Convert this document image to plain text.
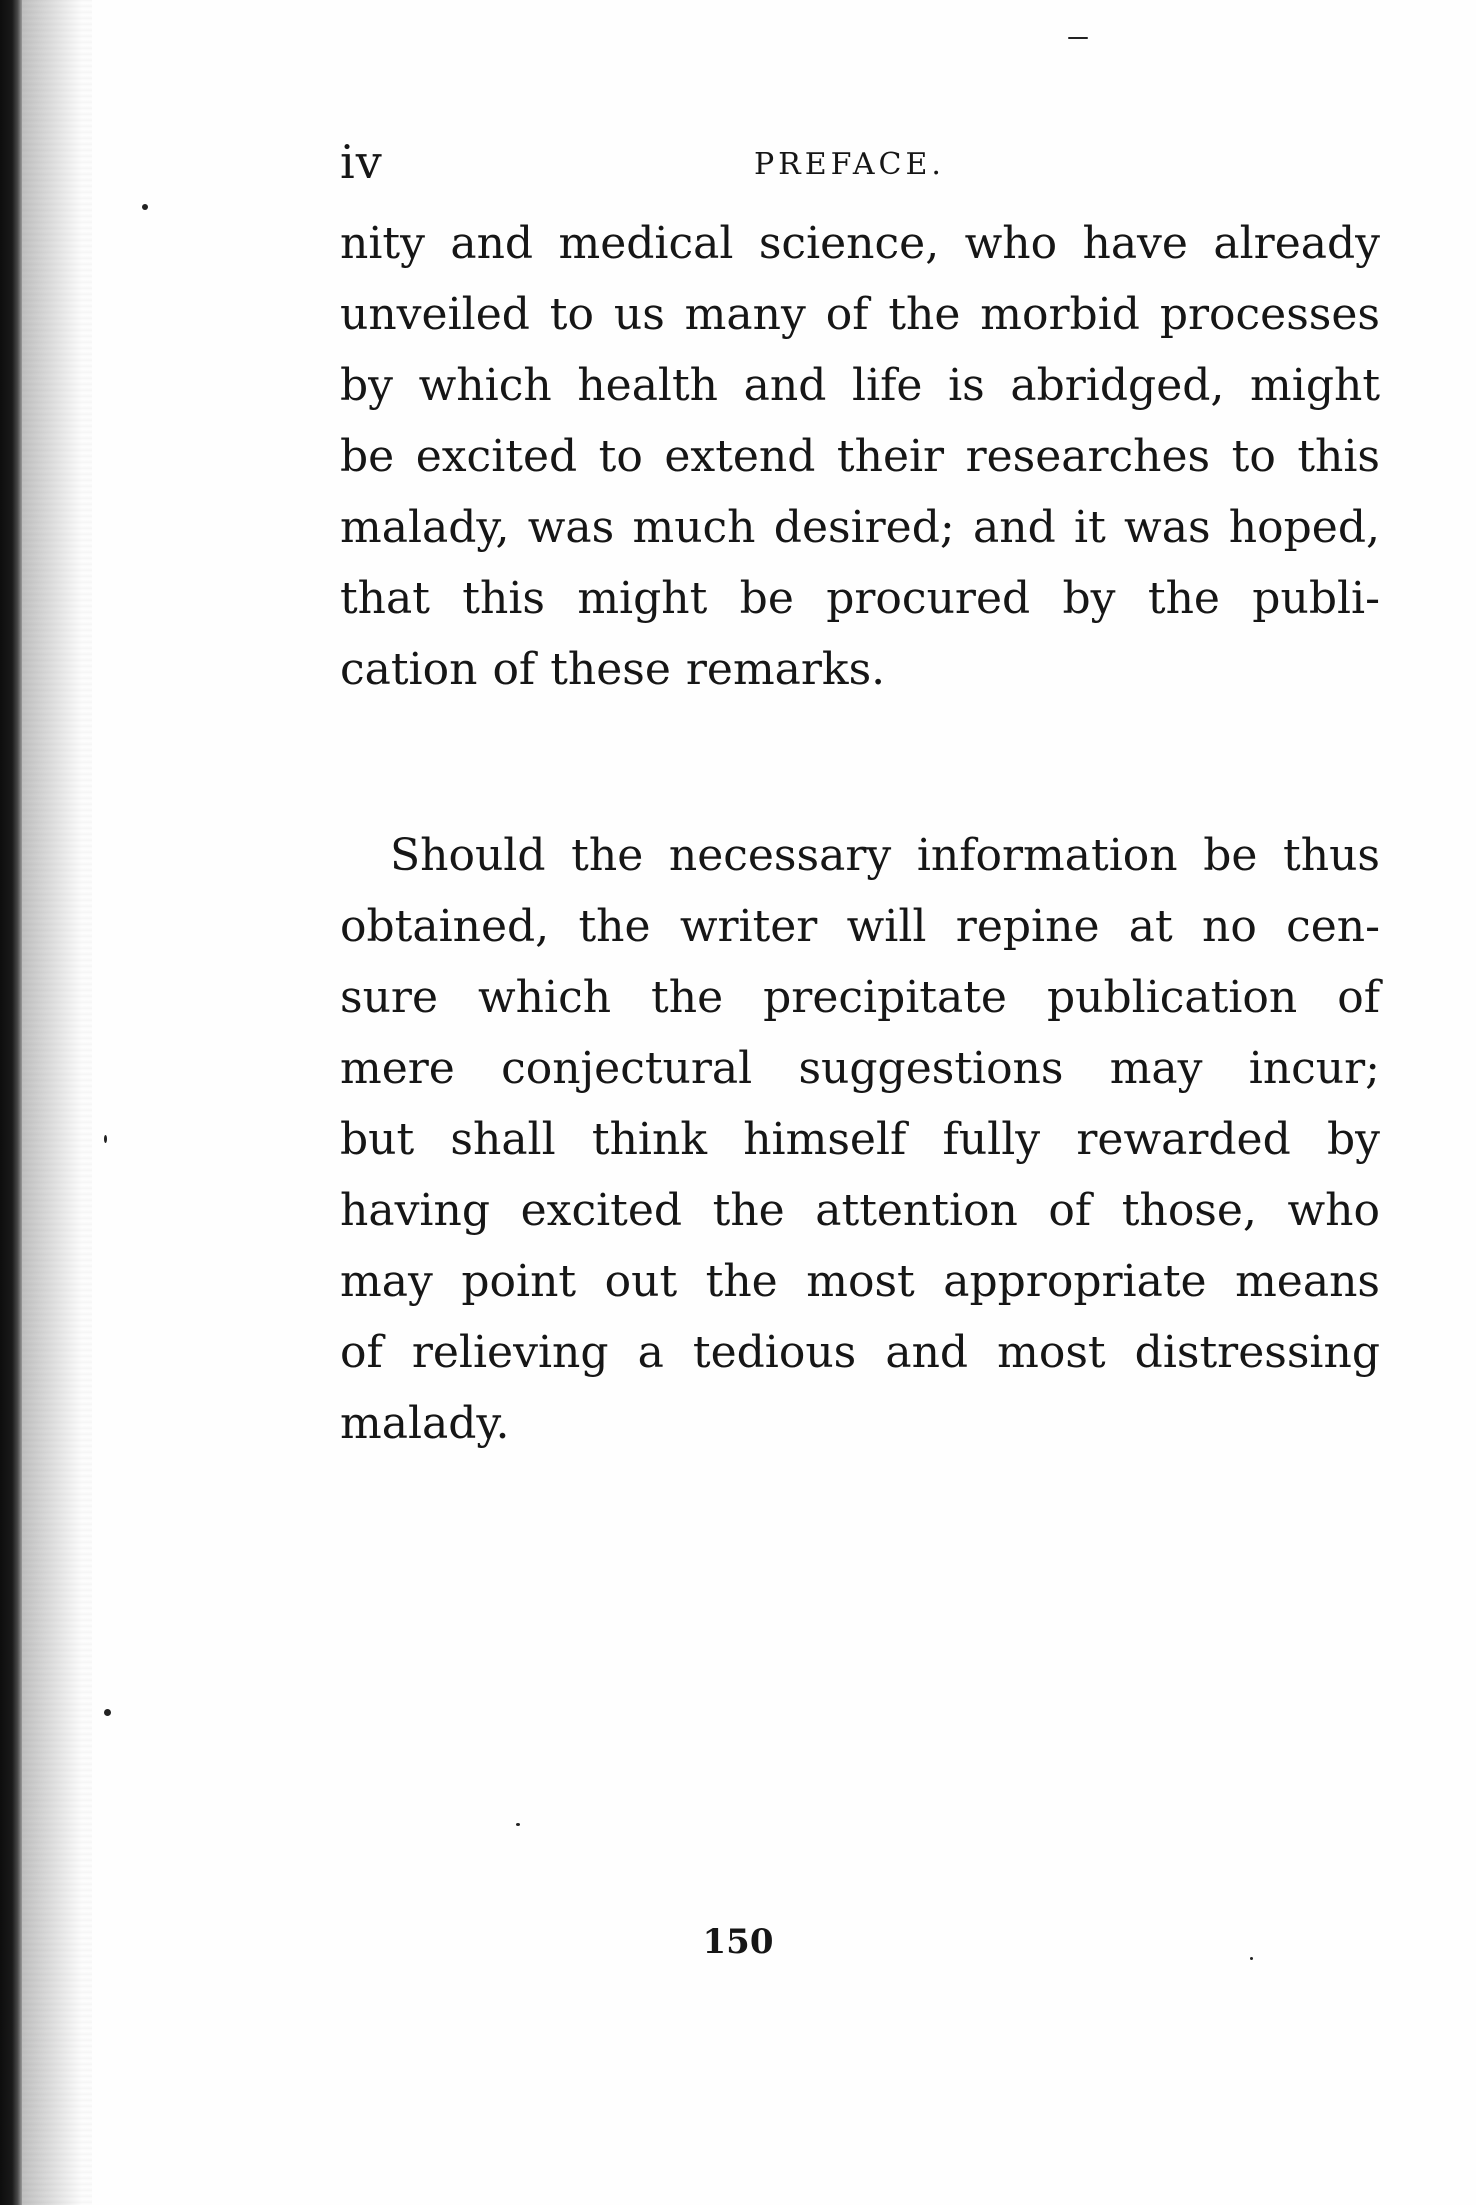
iv	PREFACE.
nity and medical science, who have already
unveiled to us many of the morbid processes
by which health and life is abridged, might
be excited to extend their researches to this
malady, was much desired; and it was hoped,
that this might be procured by the publi-
cation of these remarks.
Should the necessary information be thus
obtained, the writer will repine at no cen-
sure which the precipitate publication of
mere conjectural suggestions may incur;
but shall think himself fully rewarded by
having excited the attention of those, who
may point out the most appropriate means
of relieving a tedious and most distressing
malady.
150
